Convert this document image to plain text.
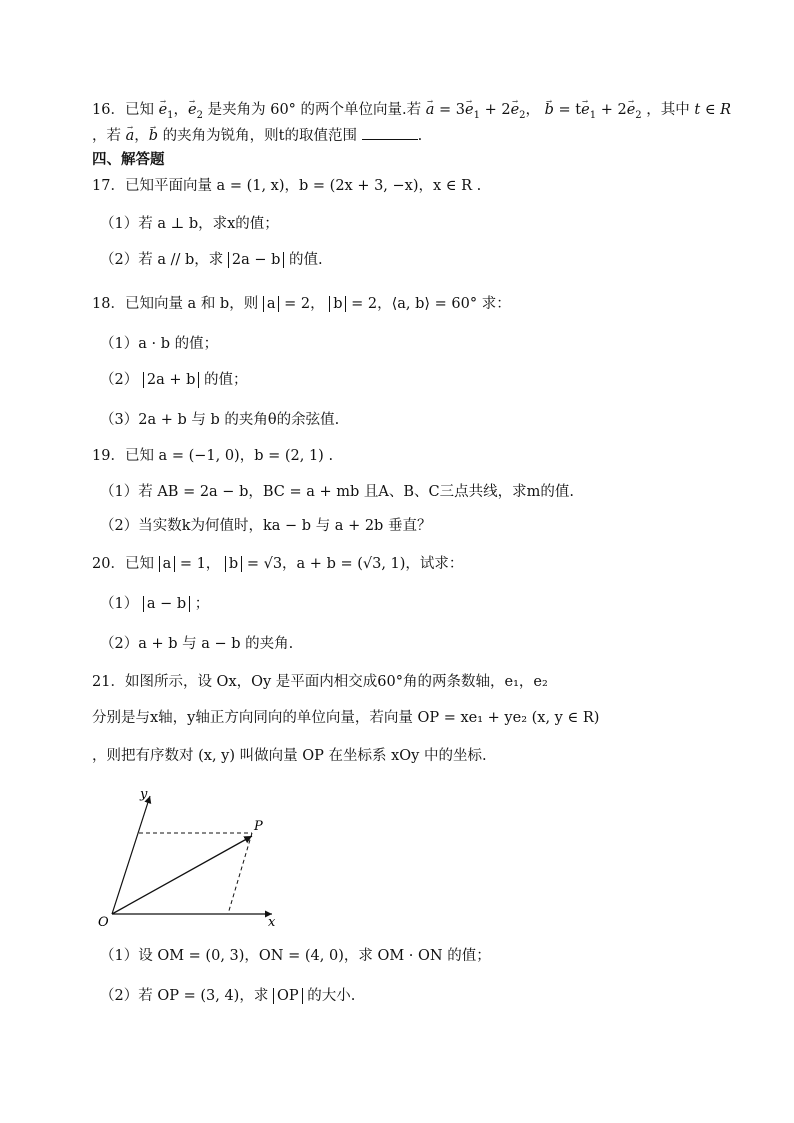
16．已知 → $e_1$，→ $e_2$ 是夹角为 60° 的两个单位向量.若 → $a = 3\to e_1 + 2\to e_2$， → $b = t\to e_1 + 2\to e_2$ ，其中 t ∈ R
，若 → a，→ b 的夹角为锐角，则t的取值范围	.
四、解答题
17．已知平面向量 a = (1, x)，b = (2x + 3, −x)，x ∈ R .
（1）若 a ⊥ b，求x的值；
（2）若 a // b，求 2a − b 的值.
18．已知向量 a 和 b，则 a = 2， b = 2，⟨a, b⟩ = 60° 求：
（1）a · b 的值；
（2） 2a + b 的值；
（3）2a + b 与 b 的夹角θ的余弦值.
19．已知 a = (−1, 0)，b = (2, 1) .
（1）若 AB = 2a − b，BC = a + mb 且A、B、C三点共线，求m的值.
（2）当实数k为何值时，ka − b 与 a + 2b 垂直？
20．已知 a = 1， b = √3，a + b = (√3, 1)，试求：
（1） a − b ；
（2）a + b 与 a − b 的夹角.
21．如图所示，设 Ox，Oy 是平面内相交成60°角的两条数轴，e₁，e₂
分别是与x轴，y轴正方向同向的单位向量，若向量 OP = xe₁ + ye₂ (x, y ∈ R)
，则把有序数对 (x, y) 叫做向量 OP 在坐标系 xOy 中的坐标.
y
P
O	x
（1）设 OM = (0, 3)，ON = (4, 0)，求 OM · ON 的值；
（2）若 OP = (3, 4)，求 OP 的大小.
